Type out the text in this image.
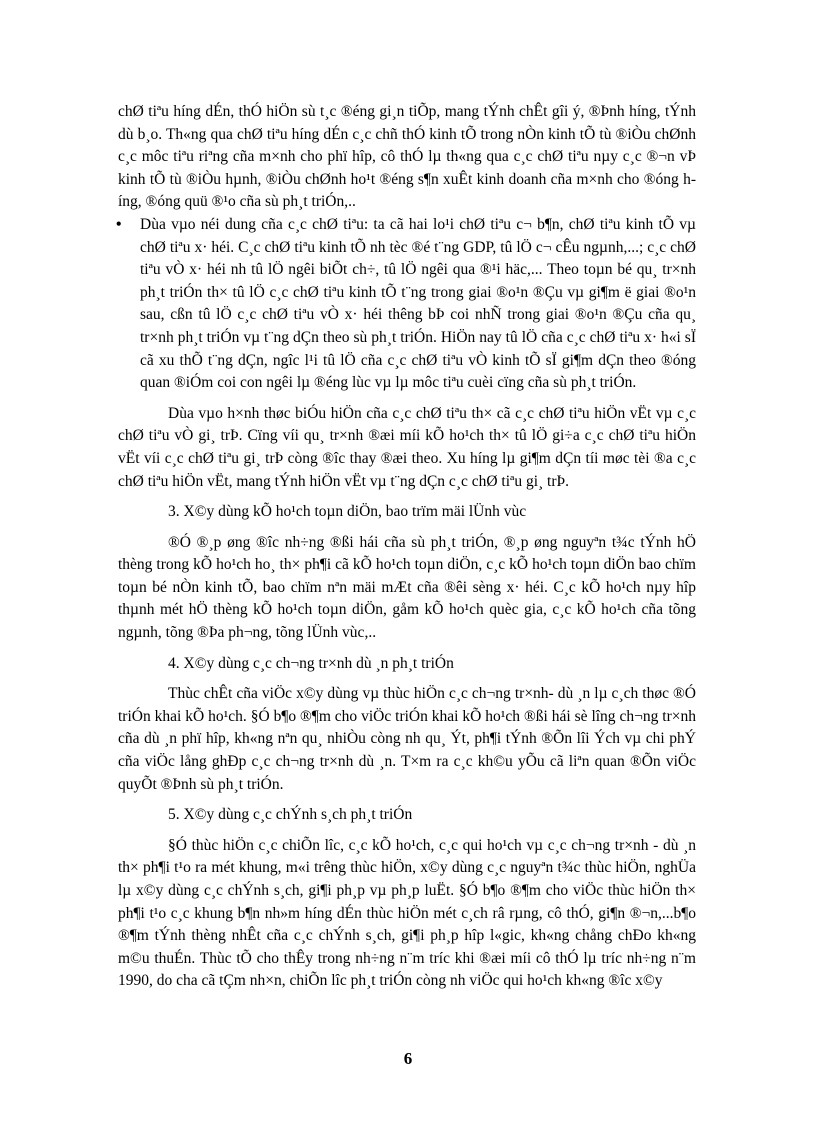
chØ tiªu híng dÉn, thÓ hiÖn sù t¸c ®éng gi¸n tiÕp, mang tÝnh chÊt gîi ý, ®Þnh híng, tÝnh dù b¸o. Th«ng qua chØ tiªu híng dÉn c¸c chñ thÓ kinh tÕ trong nÒn kinh tÕ tù ®iÒu chØnh c¸c môc tiªu riªng cña m×nh cho phï hîp, cô thÓ lµ th«ng qua c¸c chØ tiªu nµy c¸c ®¬n vÞ kinh tÕ tù ®iÒu hµnh, ®iÒu chØnh ho¹t ®éng s¶n xuÊt kinh doanh cña m×nh cho ®óng híng, ®óng quü ®¹o cña sù ph¸t triÓn,..

• Dùa vµo néi dung cña c¸c chØ tiªu: ta cã hai lo¹i chØ tiªu c¬ b¶n, chØ tiªu kinh tÕ vµ chØ tiªu x· héi. C¸c chØ tiªu kinh tÕ nh tèc ®é t¨ng GDP, tû lÖ c¬ cÊu ngµnh,...; c¸c chØ tiªu vÒ x· héi nh tû lÖ ngêi biÕt ch÷, tû lÖ ngêi qua ®¹i häc,... Theo toµn bé qu¸ tr×nh ph¸t triÓn th× tû lÖ c¸c chØ tiªu kinh tÕ t¨ng trong giai ®o¹n ®Çu vµ gi¶m ë giai ®o¹n sau, cßn tû lÖ c¸c chØ tiªu vÒ x· héi thêng bÞ coi nhÑ trong giai ®o¹n ®Çu cña qu¸ tr×nh ph¸t triÓn vµ t¨ng dÇn theo sù ph¸t triÓn. HiÖn nay tû lÖ cña c¸c chØ tiªu x· h«i sÏ cã xu thÕ t¨ng dÇn, ngîc l¹i tû lÖ cña c¸c chØ tiªu vÒ kinh tÕ sÏ gi¶m dÇn theo ®óng quan ®iÓm coi con ngêi lµ ®éng lùc vµ lµ môc tiªu cuèi cïng cña sù ph¸t triÓn.

Dùa vµo h×nh thøc biÓu hiÖn cña c¸c chØ tiªu th× cã c¸c chØ tiªu hiÖn vËt vµ c¸c chØ tiªu vÒ gi¸ trÞ. Cïng víi qu¸ tr×nh ®æi míi kÕ ho¹ch th× tû lÖ gi÷a c¸c chØ tiªu hiÖn vËt víi c¸c chØ tiªu gi¸ trÞ còng ®îc thay ®æi theo. Xu híng lµ gi¶m dÇn tíi møc tèi ®a c¸c chØ tiªu hiÖn vËt, mang tÝnh hiÖn vËt vµ t¨ng dÇn c¸c chØ tiªu gi¸ trÞ.

3. X©y dùng kÕ ho¹ch toµn diÖn, bao trïm mäi lÜnh vùc

®Ó ®¸p øng ®îc nh÷ng ®ßi hái cña sù ph¸t triÓn, ®¸p øng nguyªn t¾c tÝnh hÖ thèng trong kÕ ho¹ch ho¸ th× ph¶i cã kÕ ho¹ch toµn diÖn, c¸c kÕ ho¹ch toµn diÖn bao chïm toµn bé nÒn kinh tÕ, bao chïm nªn mäi mÆt cña ®êi sèng x· héi. C¸c kÕ ho¹ch nµy hîp thµnh mét hÖ thèng kÕ ho¹ch toµn diÖn, gåm kÕ ho¹ch quèc gia, c¸c kÕ ho¹ch cña tõng ngµnh, tõng ®Þa ph¬ng, tõng lÜnh vùc,..

4. X©y dùng c¸c ch¬ng tr×nh dù ¸n ph¸t triÓn

Thùc chÊt cña viÖc x©y dùng vµ thùc hiÖn c¸c ch¬ng tr×nh- dù ¸n lµ c¸ch thøc ®Ó triÓn khai kÕ ho¹ch. §Ó b¶o ®¶m cho viÖc triÓn khai kÕ ho¹ch ®ßi hái sè lîng ch¬ng tr×nh cña dù ¸n phï hîp, kh«ng nªn qu¸ nhiÒu còng nh qu¸ Ýt, ph¶i tÝnh ®Õn lîi Ých vµ chi phÝ cña viÖc lång ghÐp c¸c ch¬ng tr×nh dù ¸n. T×m ra c¸c kh©u yÕu cã liªn quan ®Õn viÖc quyÕt ®Þnh sù ph¸t triÓn.

5. X©y dùng c¸c chÝnh s¸ch ph¸t triÓn

§Ó thùc hiÖn c¸c chiÕn lîc, c¸c kÕ ho¹ch, c¸c qui ho¹ch vµ c¸c ch¬ng tr×nh - dù ¸n th× ph¶i t¹o ra mét khung, m«i trêng thùc hiÖn, x©y dùng c¸c nguyªn t¾c thùc hiÖn, nghÜa lµ x©y dùng c¸c chÝnh s¸ch, gi¶i ph¸p vµ ph¸p luËt. §Ó b¶o ®¶m cho viÖc thùc hiÖn th× ph¶i t¹o c¸c khung b¶n nh»m híng dÉn thùc hiÖn mét c¸ch râ rµng, cô thÓ, gi¶n ®¬n,...b¶o ®¶m tÝnh thèng nhÊt cña c¸c chÝnh s¸ch, gi¶i ph¸p hîp l«gic, kh«ng chång chÐo kh«ng m©u thuÉn. Thùc tÕ cho thÊy trong nh÷ng n¨m tríc khi ®æi míi cô thÓ lµ tríc nh÷ng n¨m 1990, do cha cã tÇm nh×n, chiÕn lîc ph¸t triÓn còng nh viÖc qui ho¹ch kh«ng ®îc x©y

6
